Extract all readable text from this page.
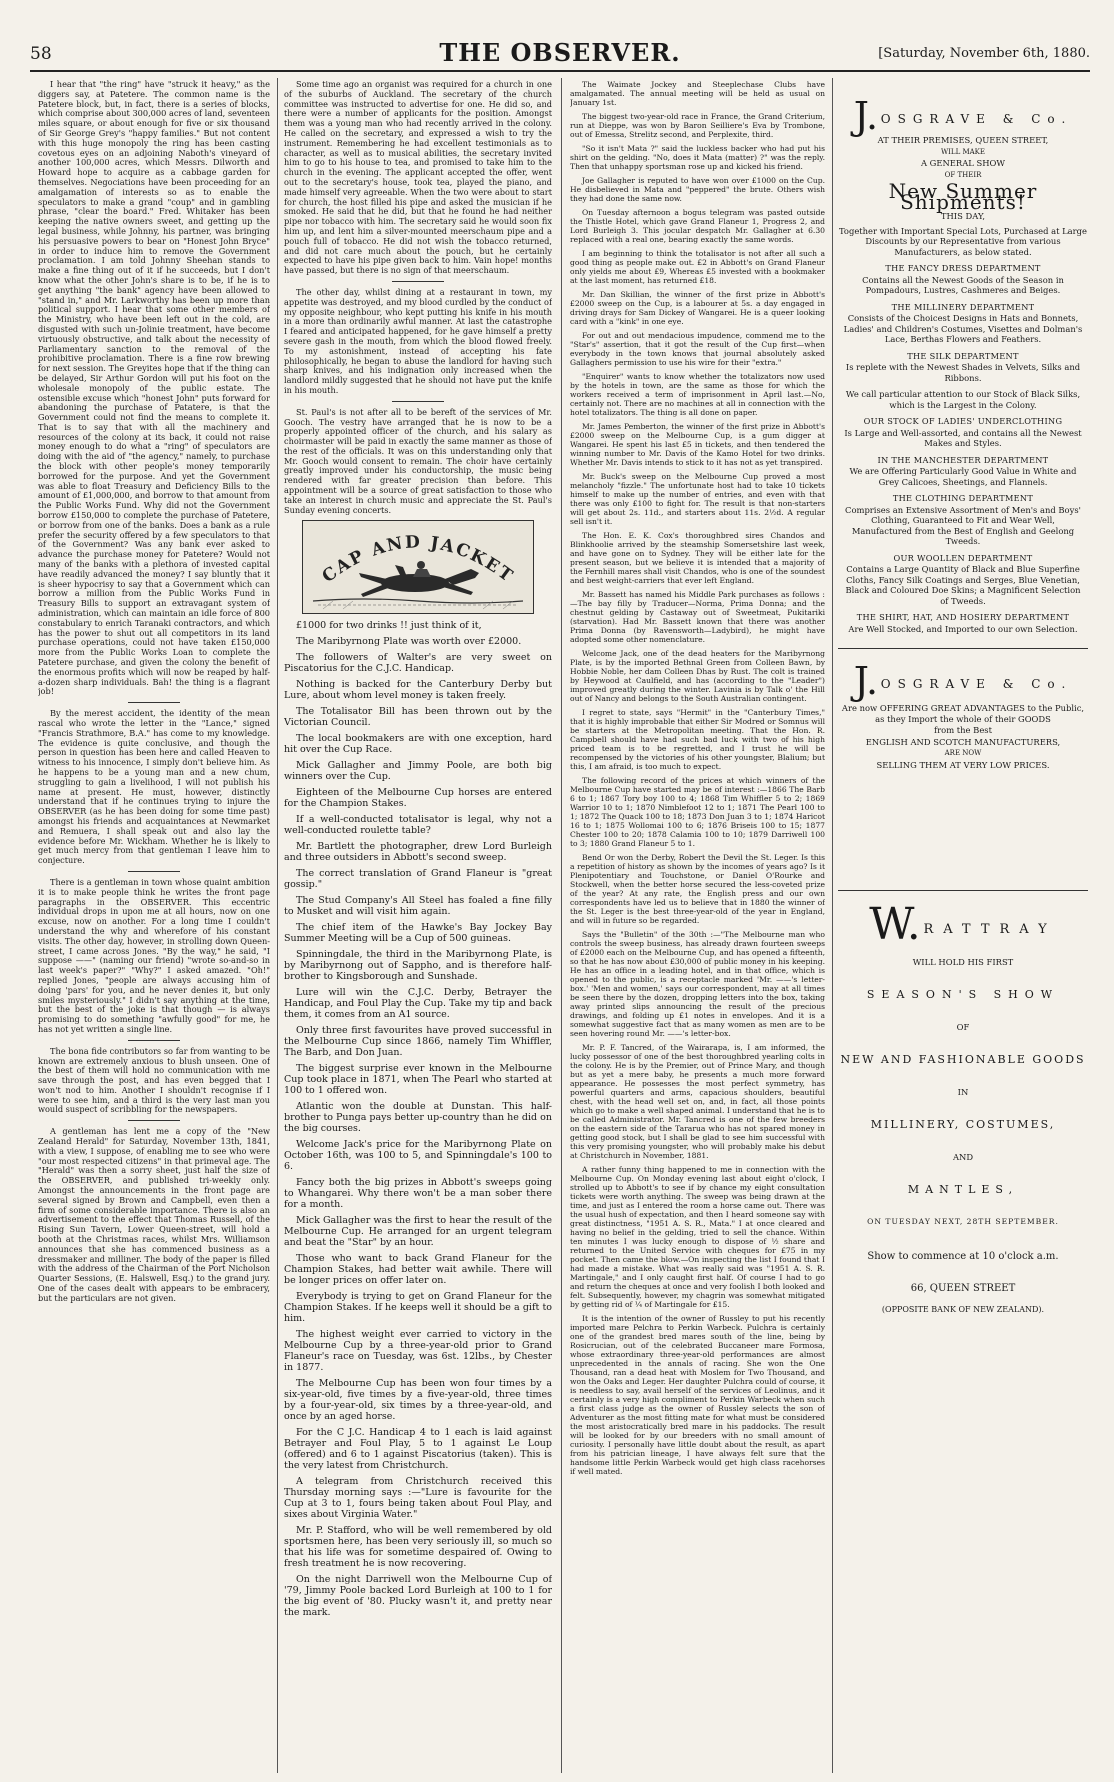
58	THE OBSERVER.	[Saturday, November 6th, 1880.

I hear that "the ring" have "struck it heavy," as the diggers say, at Patetere. The common name is the Patetere block, but, in fact, there is a series of blocks, which comprise about 300,000 acres of land, seventeen miles square, or about enough for five or six thousand of Sir George Grey's "happy families." But not content with this huge monopoly the ring has been casting covetous eyes on an adjoining Naboth's vineyard of another 100,000 acres, which Messrs. Dilworth and Howard hope to acquire as a cabbage garden for themselves. Negociations have been proceeding for an amalgamation of interests so as to enable the speculators to make a grand "coup" and in gambling phrase, "clear the board." Fred. Whitaker has been keeping the native owners sweet, and getting up the legal business, while Johnny, his partner, was bringing his persuasive powers to bear on "Honest John Bryce" in order to induce him to remove the Government proclamation. I am told Johnny Sheehan stands to make a fine thing out of it if he succeeds, but I don't know what the other John's share is to be, if he is to get anything "the bank" agency have been allowed to "stand in," and Mr. Larkworthy has been up more than political support. I hear that some other members of the Ministry, who have been left out in the cold, are disgusted with such un-Jolinie treatment, have become virtuously obstructive, and talk about the necessity of Parliamentary sanction to the removal of the prohibitive proclamation. There is a fine row brewing for next session. The Greyites hope that if the thing can be delayed, Sir Arthur Gordon will put his foot on the wholesale monopoly of the public estate. The ostensible excuse which "honest John" puts forward for abandoning the purchase of Patatere, is that the Government could not find the means to complete it. That is to say that with all the machinery and resources of the colony at its back, it could not raise money enough to do what a "ring" of speculators are doing with the aid of "the agency," namely, to purchase the block with other people's money temporarily borrowed for the purpose. And yet the Government was able to float Treasury and Deficiency Bills to the amount of £1,000,000, and borrow to that amount from the Public Works Fund. Why did not the Government borrow £150,000 to complete the purchase of Patetere, or borrow from one of the banks. Does a bank as a rule prefer the security offered by a few speculators to that of the Government? Was any bank ever asked to advance the purchase money for Patetere? Would not many of the banks with a plethora of invested capital have readily advanced the money? I say bluntly that it is sheer hypocrisy to say that a Government which can borrow a million from the Public Works Fund in Treasury Bills to support an extravagant system of administration, which can maintain an idle force of 800 constabulary to enrich Taranaki contractors, and which has the power to shut out all competitors in its land purchase operations, could not have taken £150,000 more from the Public Works Loan to complete the Patetere purchase, and given the colony the benefit of the enormous profits which will now be reaped by half-a-dozen sharp individuals. Bah! the thing is a flagrant job!

By the merest accident, the identity of the mean rascal who wrote the letter in the "Lance," signed "Francis Strathmore, B.A." has come to my knowledge. The evidence is quite conclusive, and though the person in question has been here and called Heaven to witness to his innocence, I simply don't believe him. As he happens to be a young man and a new chum, struggling to gain a livelihood, I will not publish his name at present. He must, however, distinctly understand that if he continues trying to injure the OBSERVER (as he has been doing for some time past) amongst his friends and acquaintances at Newmarket and Remuera, I shall speak out and also lay the evidence before Mr. Wickham. Whether he is likely to get much mercy from that gentleman I leave him to conjecture.

There is a gentleman in town whose quaint ambition it is to make people think he writes the front page paragraphs in the OBSERVER. This eccentric individual drops in upon me at all hours, now on one excuse, now on another. For a long time I couldn't understand the why and wherefore of his constant visits. The other day, however, in strolling down Queen-street, I came across Jones. "By the way," he said, "I suppose ——" (naming our friend) "wrote so-and-so in last week's paper?" "Why?" I asked amazed. "Oh!" replied Jones, "people are always accusing him of doing 'pars' for you, and he never denies it, but only smiles mysteriously." I didn't say anything at the time, but the best of the joke is that though — is always promising to do something "awfully good" for me, he has not yet written a single line.

The bona fide contributors so far from wanting to be known are extremely anxious to blush unseen. One of the best of them will hold no communication with me save through the post, and has even begged that I won't nod to him. Another I shouldn't recognise if I were to see him, and a third is the very last man you would suspect of scribbling for the newspapers.

A gentleman has lent me a copy of the "New Zealand Herald" for Saturday, November 13th, 1841, with a view, I suppose, of enabling me to see who were "our most respected citizens" in that primeval age. The "Herald" was then a sorry sheet, just half the size of the OBSERVER, and published tri-weekly only. Amongst the announcements in the front page are several signed by Brown and Campbell, even then a firm of some considerable importance. There is also an advertisement to the effect that Thomas Russell, of the Rising Sun Tavern, Lower Queen-street, will hold a booth at the Christmas races, whilst Mrs. Williamson announces that she has commenced business as a dressmaker and milliner. The body of the paper is filled with the address of the Chairman of the Port Nicholson Quarter Sessions, (E. Halswell, Esq.) to the grand jury. One of the cases dealt with appears to be embracery, but the particulars are not given.

Some time ago an organist was required for a church in one of the suburbs of Auckland. The secretary of the church committee was instructed to advertise for one. He did so, and there were a number of applicants for the position. Amongst them was a young man who had recently arrived in the colony. He called on the secretary, and expressed a wish to try the instrument. Remembering he had excellent testimonials as to character, as well as to musical abilities, the secretary invited him to go to his house to tea, and promised to take him to the church in the evening. The applicant accepted the offer, went out to the secretary's house, took tea, played the piano, and made himself very agreeable. When the two were about to start for church, the host filled his pipe and asked the musician if he smoked. He said that he did, but that he found he had neither pipe nor tobacco with him. The secretary said he would soon fix him up, and lent him a silver-mounted meerschaum pipe and a pouch full of tobacco. He did not wish the tobacco returned, and did not care much about the pouch, but he certainly expected to have his pipe given back to him. Vain hope! months have passed, but there is no sign of that meerschaum.

The other day, whilst dining at a restaurant in town, my appetite was destroyed, and my blood curdled by the conduct of my opposite neighbour, who kept putting his knife in his mouth in a more than ordinarily awful manner. At last the catastrophe I feared and anticipated happened, for he gave himself a pretty severe gash in the mouth, from which the blood flowed freely. To my astonishment, instead of accepting his fate philosophically, he began to abuse the landlord for having such sharp knives, and his indignation only increased when the landlord mildly suggested that he should not have put the knife in his mouth.

St. Paul's is not after all to be bereft of the services of Mr. Gooch. The vestry have arranged that he is now to be a properly appointed officer of the church, and his salary as choirmaster will be paid in exactly the same manner as those of the rest of the officials. It was on this understanding only that Mr. Gooch would consent to remain. The choir have certainly greatly improved under his conductorship, the music being rendered with far greater precision than before. This appointment will be a source of great satisfaction to those who take an interest in church music and appreciate the St. Paul's Sunday evening concerts.

CAP AND JACKET

£1000 for two drinks !! just think of it,

The Maribyrnong Plate was worth over £2000.

The followers of Walter's are very sweet on Piscatorius for the C.J.C. Handicap.

Nothing is backed for the Canterbury Derby but Lure, about whom level money is taken freely.

The Totalisator Bill has been thrown out by the Victorian Council.

The local bookmakers are with one exception, hard hit over the Cup Race.

Mick Gallagher and Jimmy Poole, are both big winners over the Cup.

Eighteen of the Melbourne Cup horses are entered for the Champion Stakes.

If a well-conducted totalisator is legal, why not a well-conducted roulette table?

Mr. Bartlett the photographer, drew Lord Burleigh and three outsiders in Abbott's second sweep.

The correct translation of Grand Flaneur is "great gossip."

The Stud Company's All Steel has foaled a fine filly to Musket and will visit him again.

The chief item of the Hawke's Bay Jockey Bay Summer Meeting will be a Cup of 500 guineas.

Spinningdale, the third in the Maribyrnong Plate, is by Maribyrnong out of Sappho, and is therefore half-brother to Kingsborough and Sunshade.

Lure will win the C.J.C. Derby, Betrayer the Handicap, and Foul Play the Cup. Take my tip and back them, it comes from an A1 source.

Only three first favourites have proved successful in the Melbourne Cup since 1866, namely Tim Whiffler, The Barb, and Don Juan.

The biggest surprise ever known in the Melbourne Cup took place in 1871, when The Pearl who started at 100 to 1 offered won.

Atlantic won the double at Dunstan. This half-brother to Punga pays better up-country than he did on the big courses.

Welcome Jack's price for the Maribyrnong Plate on October 16th, was 100 to 5, and Spinningdale's 100 to 6.

Fancy both the big prizes in Abbott's sweeps going to Whangarei. Why there won't be a man sober there for a month.

Mick Gallagher was the first to hear the result of the Melbourne Cup. He arranged for an urgent telegram and beat the "Star" by an hour.

Those who want to back Grand Flaneur for the Champion Stakes, had better wait awhile. There will be longer prices on offer later on.

Everybody is trying to get on Grand Flaneur for the Champion Stakes. If he keeps well it should be a gift to him.

The highest weight ever carried to victory in the Melbourne Cup by a three-year-old prior to Grand Flaneur's race on Tuesday, was 6st. 12lbs., by Chester in 1877.

The Melbourne Cup has been won four times by a six-year-old, five times by a five-year-old, three times by a four-year-old, six times by a three-year-old, and once by an aged horse.

For the C J.C. Handicap 4 to 1 each is laid against Betrayer and Foul Play, 5 to 1 against Le Loup (offered) and 6 to 1 against Piscatorius (taken). This is the very latest from Christchurch.

A telegram from Christchurch received this Thursday morning says :—"Lure is favourite for the Cup at 3 to 1, fours being taken about Foul Play, and sixes about Virginia Water."

Mr. P. Stafford, who will be well remembered by old sportsmen here, has been very seriously ill, so much so that his life was for sometime despaired of. Owing to fresh treatment he is now recovering.

On the night Darriwell won the Melbourne Cup of '79, Jimmy Poole backed Lord Burleigh at 100 to 1 for the big event of '80. Plucky wasn't it, and pretty near the mark.

The Waimate Jockey and Steeplechase Clubs have amalgamated. The annual meeting will be held as usual on January 1st.

The biggest two-year-old race in France, the Grand Criterium, run at Dieppe, was won by Baron Seilliere's Eva by Trombone, out of Emessa, Strelitz second, and Perplexite, third.

"So it isn't Mata ?" said the luckless backer who had put his shirt on the gelding. "No, does it Mata (matter) ?" was the reply. Then that unhappy sportsman rose up and kicked his friend.

Joe Gallagher is reputed to have won over £1000 on the Cup. He disbelieved in Mata and "peppered" the brute. Others wish they had done the same now.

On Tuesday afternoon a bogus telegram was pasted outside the Thistle Hotel, which gave Grand Flaneur 1, Progress 2, and Lord Burleigh 3. This jocular despatch Mr. Gallagher at 6.30 replaced with a real one, bearing exactly the same words.

I am beginning to think the totalisator is not after all such a good thing as people make out. £2 in Abbott's on Grand Flaneur only yields me about £9, Whereas £5 invested with a bookmaker at the last moment, has returned £18.

Mr. Dan Skillian, the winner of the first prize in Abbott's £2000 sweep on the Cup, is a labourer at 5s. a day engaged in driving drays for Sam Dickey of Wangarei. He is a queer looking card with a "kink" in one eye.

For out and out mendacious impudence, commend me to the "Star's" assertion, that it got the result of the Cup first—when everybody in the town knows that journal absolutely asked Gallaghers permission to use his wire for their "extra."

"Enquirer" wants to know whether the totalizators now used by the hotels in town, are the same as those for which the workers received a term of imprisonment in April last.—No, certainly not. There are no machines at all in connection with the hotel totalizators. The thing is all done on paper.

Mr. James Pemberton, the winner of the first prize in Abbott's £2000 sweep on the Melbourne Cup, is a gum digger at Wangarei. He spent his last £5 in tickets, and then tendered the winning number to Mr. Davis of the Kamo Hotel for two drinks. Whether Mr. Davis intends to stick to it has not as yet transpired.

Mr. Buck's sweep on the Melbourne Cup proved a most melancholy "fizzle." The unfortunate host had to take 10 tickets himself to make up the number of entries, and even with that there was only £100 to fight for. The result is that non-starters will get about 2s. 11d., and starters about 11s. 2½d. A regular sell isn't it.

The Hon. E. K. Cox's thoroughbred sires Chandos and Blinkhoolie arrived by the steamship Somersetshire last week, and have gone on to Sydney. They will be either late for the present season, but we believe it is intended that a majority of the Fernhill mares shall visit Chandos, who is one of the soundest and best weight-carriers that ever left England.

Mr. Bassett has named his Middle Park purchases as follows :—The bay filly by Traducer—Norma, Prima Donna; and the chestnut gelding by Castaway out of Sweetmeat, Pukitariki (starvation). Had Mr. Bassett known that there was another Prima Donna (by Ravensworth—Ladybird), he might have adopted some other nomenclature.

Welcome Jack, one of the dead heaters for the Maribyrnong Plate, is by the imported Bethnal Green from Colleen Bawn, by Hobbie Noble, her dam Colleen Dhas by Rust. The colt is trained by Heywood at Caulfield, and has (according to the "Leader") improved greatly during the winter. Lavinia is by Talk o' the Hill out of Nancy and belongs to the South Australian contingent.

I regret to state, says "Hermit" in the "Canterbury Times," that it is highly improbable that either Sir Modred or Somnus will be starters at the Metropolitan meeting. That the Hon. R. Campbell should have had such bad luck with two of his high priced team is to be regretted, and I trust he will be recompensed by the victories of his other youngster, Blalium; but this, I am afraid, is too much to expect.

The following record of the prices at which winners of the Melbourne Cup have started may be of interest :—1866 The Barb 6 to 1; 1867 Tory boy 100 to 4; 1868 Tim Whiffler 5 to 2; 1869 Warrior 10 to 1; 1870 Nimblefoot 12 to 1; 1871 The Pearl 100 to 1; 1872 The Quack 100 to 18; 1873 Don Juan 3 to 1; 1874 Haricot 16 to 1; 1875 Wollomai 100 to 6; 1876 Briseis 100 to 15; 1877 Chester 100 to 20; 1878 Calamia 100 to 10; 1879 Darriwell 100 to 3; 1880 Grand Flaneur 5 to 1.

Bend Or won the Derby, Robert the Devil the St. Leger. Is this a repetition of history as shown by the incomes of years ago? Is it Plenipotentiary and Touchstone, or Daniel O'Rourke and Stockwell, when the better horse secured the less-coveted prize of the year? At any rate, the English press and our own correspondents have led us to believe that in 1880 the winner of the St. Leger is the best three-year-old of the year in England, and will in future so be regarded.

Says the "Bulletin" of the 30th :—"The Melbourne man who controls the sweep business, has already drawn fourteen sweeps of £2000 each on the Melbourne Cup, and has opened a fifteenth, so that he has now about £30,000 of public money in his keeping. He has an office in a leading hotel, and in that office, which is opened to the public, is a receptacle marked 'Mr. ——'s letter-box.' 'Men and women,' says our correspondent, may at all times be seen there by the dozen, dropping letters into the box, taking away printed slips announcing the result of the precious drawings, and folding up £1 notes in envelopes. And it is a somewhat suggestive fact that as many women as men are to be seen hovering round Mr. ——'s letter-box.

Mr. P. F. Tancred, of the Wairarapa, is, I am informed, the lucky possessor of one of the best thoroughbred yearling colts in the colony. He is by the Premier, out of Prince Mary, and though but as yet a mere baby, he presents a much more forward appearance. He possesses the most perfect symmetry, has powerful quarters and arms, capacious shoulders, beautiful chest, with the head well set on, and, in fact, all those points which go to make a well shaped animal. I understand that he is to be called Administrator. Mr. Tancred is one of the few breeders on the eastern side of the Tararua who has not spared money in getting good stock, but I shall be glad to see him successful with this very promising youngster, who will probably make his debut at Christchurch in November, 1881.

A rather funny thing happened to me in connection with the Melbourne Cup. On Monday evening last about eight o'clock, I strolled up to Abbott's to see if by chance my eight consultation tickets were worth anything. The sweep was being drawn at the time, and just as I entered the room a horse came out. There was the usual hush of expectation, and then I heard someone say with great distinctness, "1951 A. S. R., Mata." I at once cleared and having no belief in the gelding, tried to sell the chance. Within ten minutes I was lucky enough to dispose of ½ share and returned to the United Service with cheques for £75 in my pocket. Then came the blow.—On inspecting the list I found that I had made a mistake. What was really said was "1951 A. S. R. Martingale," and I only caught first half. Of course I had to go and return the cheques at once and very foolish I both looked and felt. Subsequently, however, my chagrin was somewhat mitigated by getting rid of ¼ of Martingale for £15.

It is the intention of the owner of Russley to put his recently imported mare Pelchra to Perkin Warbeck. Pulchra is certainly one of the grandest bred mares south of the line, being by Rosicrucian, out of the celebrated Buccaneer mare Formosa, whose extraordinary three-year-old performances are almost unprecedented in the annals of racing. She won the One Thousand, ran a dead heat with Moslem for Two Thousand, and won the Oaks and Leger. Her daughter Pulchra could of course, it is needless to say, avail herself of the services of Leolinus, and it certainly is a very high compliment to Perkin Warbeck when such a first class judge as the owner of Russley selects the son of Adventurer as the most fitting mate for what must be considered the most aristocratically bred mare in his paddocks. The result will be looked for by our breeders with no small amount of curiosity. I personally have little doubt about the result, as apart from his patrician lineage, I have always felt sure that the handsome little Perkin Warbeck would get high class racehorses if well mated.

J. OSGRAVE & Co.
AT THEIR PREMISES, QUEEN STREET,
WILL MAKE
A GENERAL SHOW
OF THEIR
New Summer Shipments!
THIS DAY,
Together with Important Special Lots, Purchased at Large Discounts by our Representative from various Manufacturers, as below stated.
THE FANCY DRESS DEPARTMENT
Contains all the Newest Goods of the Season in Pompadours, Lustres, Cashmeres and Beiges.
THE MILLINERY DEPARTMENT
Consists of the Choicest Designs in Hats and Bonnets, Ladies' and Children's Costumes, Visettes and Dolman's Lace, Berthas Flowers and Feathers.
THE SILK DEPARTMENT
Is replete with the Newest Shades in Velvets, Silks and Ribbons.
We call particular attention to our Stock of Black Silks, which is the Largest in the Colony.
OUR STOCK OF LADIES' UNDERCLOTHING
Is Large and Well-assorted, and contains all the Newest Makes and Styles.
IN THE MANCHESTER DEPARTMENT
We are Offering Particularly Good Value in White and Grey Calicoes, Sheetings, and Flannels.
THE CLOTHING DEPARTMENT
Comprises an Extensive Assortment of Men's and Boys' Clothing, Guaranteed to Fit and Wear Well, Manufactured from the Best of English and Geelong Tweeds.
OUR WOOLLEN DEPARTMENT
Contains a Large Quantity of Black and Blue Superfine Cloths, Fancy Silk Coatings and Serges, Blue Venetian, Black and Coloured Doe Skins; a Magnificent Selection of Tweeds.
THE SHIRT, HAT, AND HOSIERY DEPARTMENT
Are Well Stocked, and Imported to our own Selection.
J. OSGRAVE & Co.
Are now OFFERING GREAT ADVANTAGES to the Public, as they Import the whole of their GOODS
from the Best
ENGLISH AND SCOTCH MANUFACTURERS,
ARE NOW
SELLING THEM AT VERY LOW PRICES.
W. RATTRAY
WILL HOLD HIS FIRST
SEASON'S SHOW
OF
NEW AND FASHIONABLE GOODS
IN
MILLINERY, COSTUMES,
AND
MANTLES,
ON TUESDAY NEXT, 28TH SEPTEMBER.
Show to commence at 10 o'clock a.m.
66, QUEEN STREET
(OPPOSITE BANK OF NEW ZEALAND).
